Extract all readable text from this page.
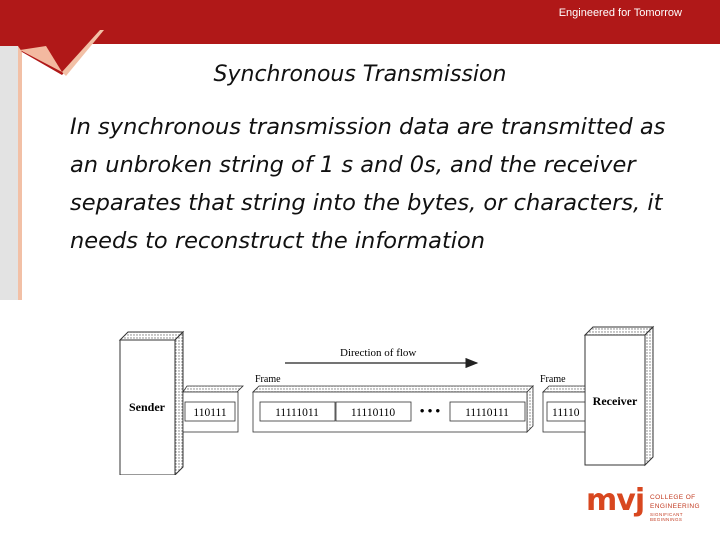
Engineered for Tomorrow
Synchronous Transmission
In synchronous transmission data are transmitted as an unbroken string of 1 s and 0s, and the receiver separates that string into the bytes, or characters, it needs to reconstruct the information
Sender	Receiver
Direction of flow
Frame	Frame
110111	11111011	11110110 • • • 11110111	11110
mvj COLLEGE OF
ENGINEERING
SIGNIFICANT BEGINNINGS
